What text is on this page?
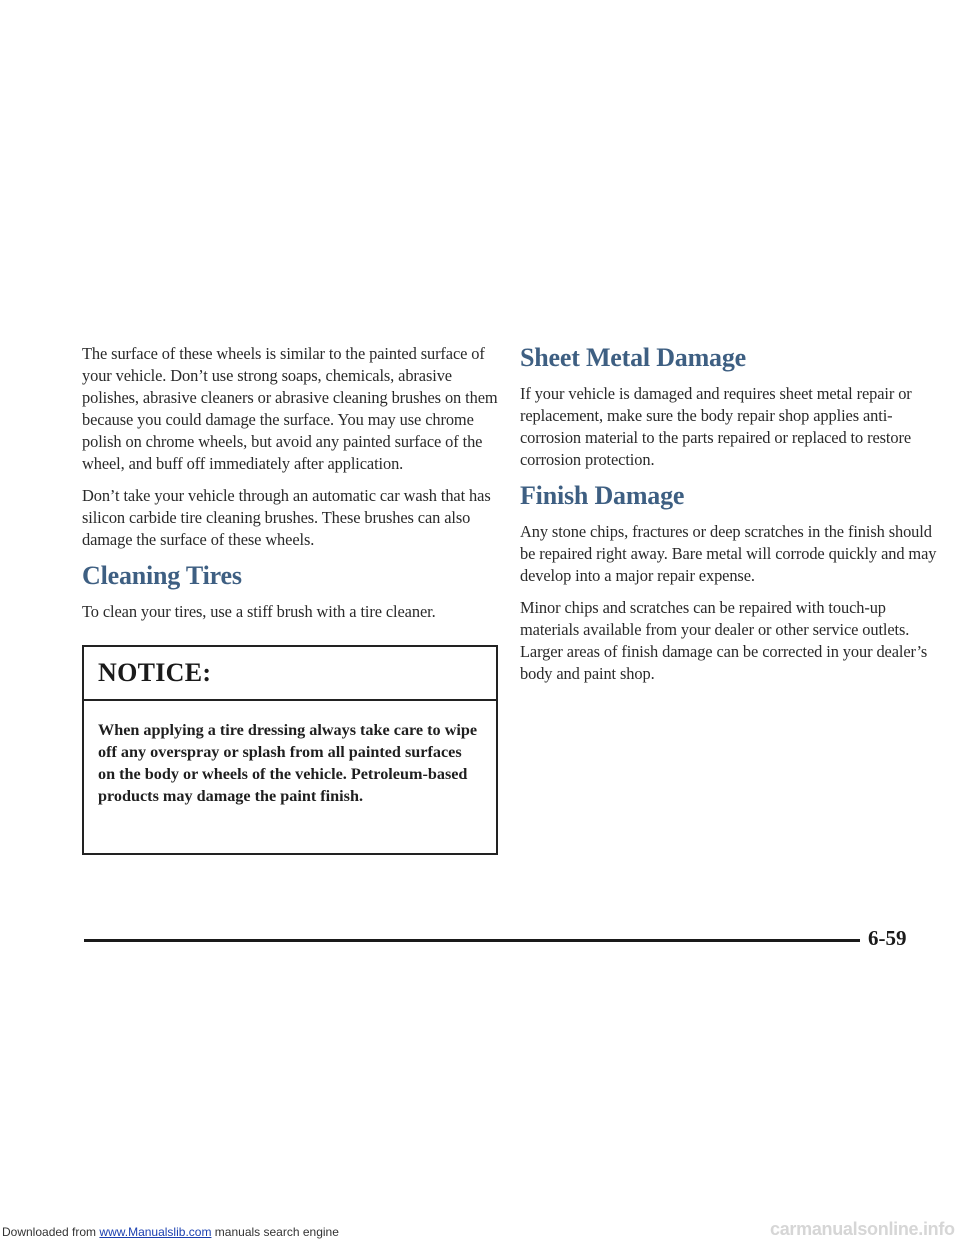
The surface of these wheels is similar to the painted surface of your vehicle. Don’t use strong soaps, chemicals, abrasive polishes, abrasive cleaners or abrasive cleaning brushes on them because you could damage the surface. You may use chrome polish on chrome wheels, but avoid any painted surface of the wheel, and buff off immediately after application.

Don’t take your vehicle through an automatic car wash that has silicon carbide tire cleaning brushes. These brushes can also damage the surface of these wheels.

Cleaning Tires

To clean your tires, use a stiff brush with a tire cleaner.

NOTICE:
When applying a tire dressing always take care to wipe off any overspray or splash from all painted surfaces on the body or wheels of the vehicle. Petroleum-based products may damage the paint finish.
Sheet Metal Damage

If your vehicle is damaged and requires sheet metal repair or replacement, make sure the body repair shop applies anti-corrosion material to the parts repaired or replaced to restore corrosion protection.

Finish Damage

Any stone chips, fractures or deep scratches in the finish should be repaired right away. Bare metal will corrode quickly and may develop into a major repair expense.

Minor chips and scratches can be repaired with touch-up materials available from your dealer or other service outlets. Larger areas of finish damage can be corrected in your dealer’s body and paint shop.

6-59
Downloaded from www.Manualslib.com manuals search engine	carmanualsonline.info
